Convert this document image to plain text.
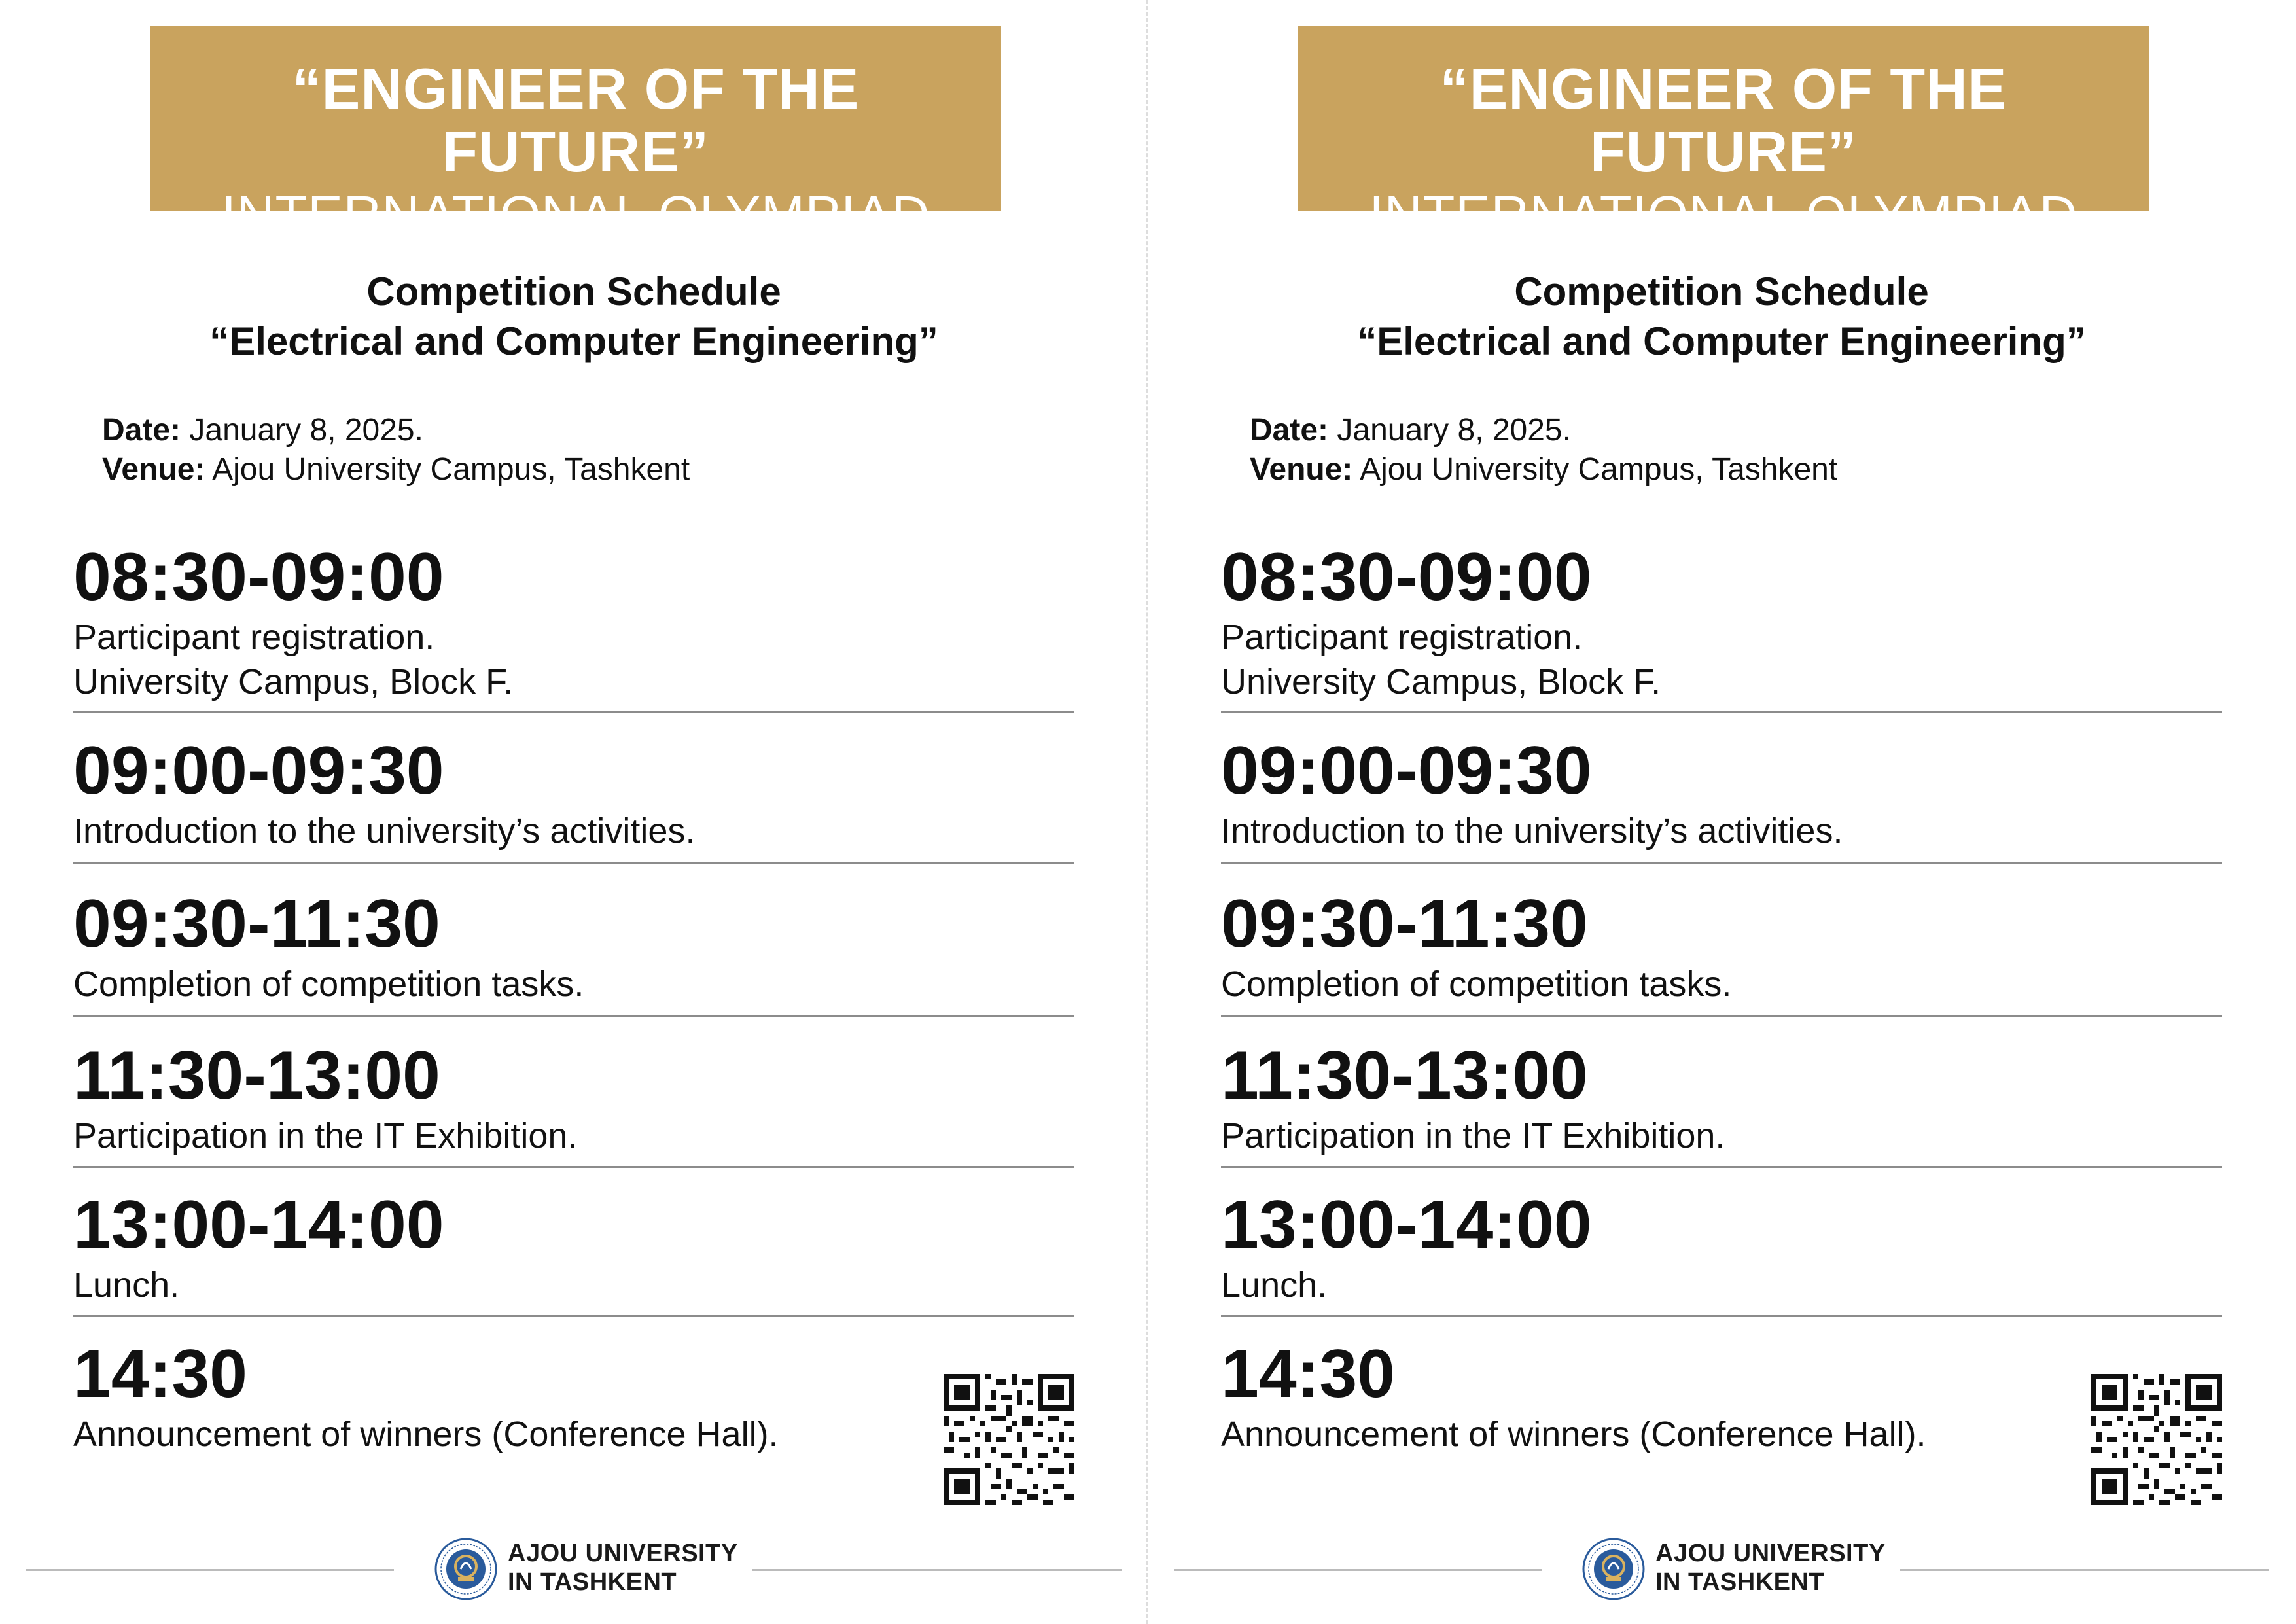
“ENGINEER OF THE FUTURE”
INTERNATIONAL OLYMPIAD
Competition Schedule
“Electrical and Computer Engineering”
Date: January 8, 2025.
Venue: Ajou University Campus, Tashkent
08:30-09:00
Participant registration.
University Campus, Block F.
09:00-09:30
Introduction to the university’s activities.
09:30-11:30
Completion of competition tasks.
11:30-13:00
Participation in the IT Exhibition.
13:00-14:00
Lunch.
14:30
Announcement of winners (Conference Hall).
AJOU UNIVERSITY
IN TASHKENT
“ENGINEER OF THE FUTURE”
INTERNATIONAL OLYMPIAD
Competition Schedule
“Electrical and Computer Engineering”
Date: January 8, 2025.
Venue: Ajou University Campus, Tashkent
08:30-09:00
Participant registration.
University Campus, Block F.
09:00-09:30
Introduction to the university’s activities.
09:30-11:30
Completion of competition tasks.
11:30-13:00
Participation in the IT Exhibition.
13:00-14:00
Lunch.
14:30
Announcement of winners (Conference Hall).
AJOU UNIVERSITY
IN TASHKENT
